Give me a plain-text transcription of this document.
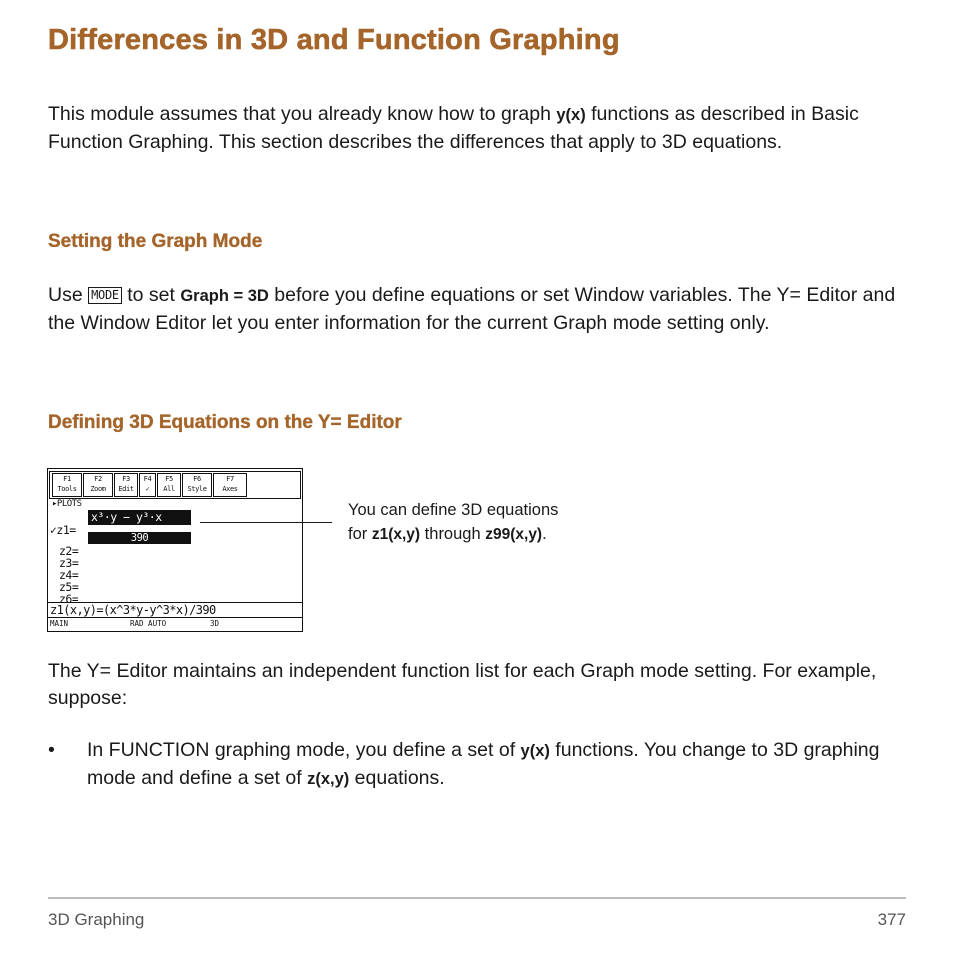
Differences in 3D and Function Graphing
This module assumes that you already know how to graph y(x) functions as described in Basic Function Graphing. This section describes the differences that apply to 3D equations.
Setting the Graph Mode
Use MODE to set Graph = 3D before you define equations or set Window variables. The Y= Editor and the Window Editor let you enter information for the current Graph mode setting only.
Defining 3D Equations on the Y= Editor
F1
Tools
F2
Zoom
F3
Edit
F4
✓
F5
All
F6
Style
F7
Axes
▸PLOTS
✓z1=
x³·y − y³·x
390
z2=
z3=
z4=
z5=
z6=
z1(x,y)=(x^3*y-y^3*x)/390
MAIN	RAD AUTO	3D
You can define 3D equations
for z1(x,y) through z99(x,y).
The Y= Editor maintains an independent function list for each Graph mode setting. For example, suppose:
• In FUNCTION graphing mode, you define a set of y(x) functions. You change to 3D graphing mode and define a set of z(x,y) equations.
3D Graphing	377
